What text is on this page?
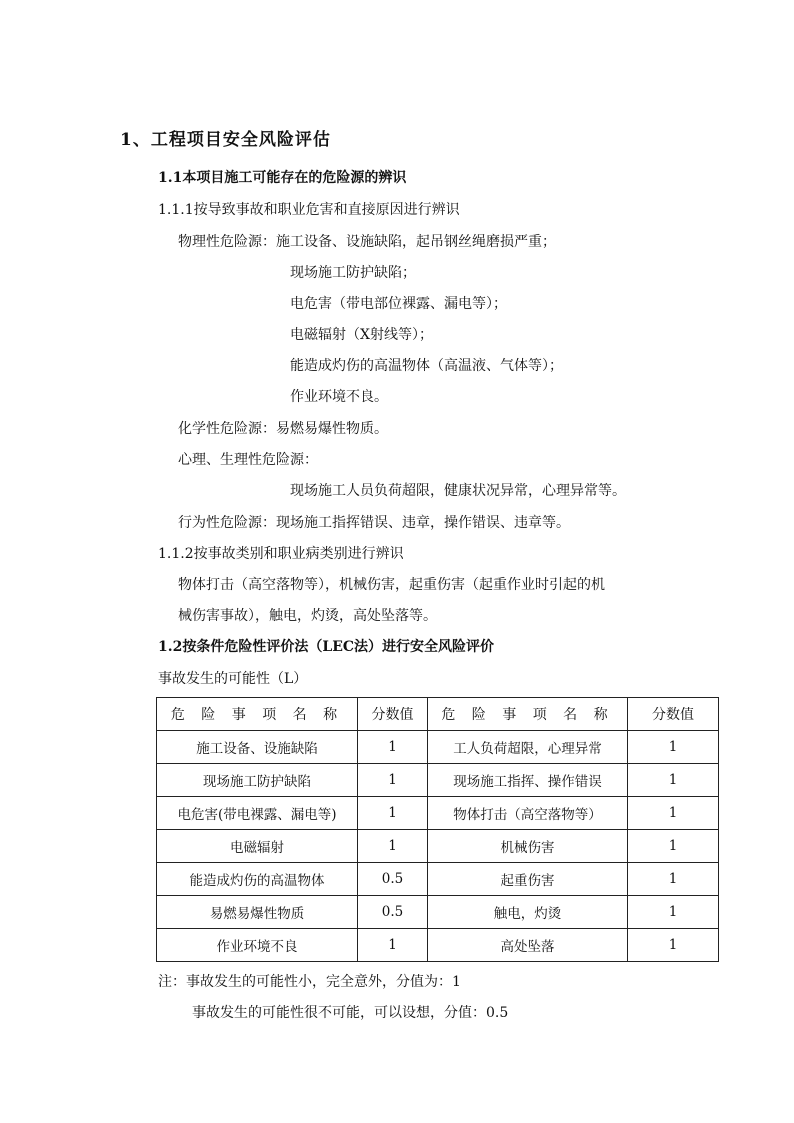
1、工程项目安全风险评估
1.1本项目施工可能存在的危险源的辨识
1.1.1按导致事故和职业危害和直接原因进行辨识
物理性危险源：施工设备、设施缺陷，起吊钢丝绳磨损严重；
现场施工防护缺陷；
电危害（带电部位裸露、漏电等）；
电磁辐射（X射线等）；
能造成灼伤的高温物体（高温液、气体等）；
作业环境不良。
化学性危险源：易燃易爆性物质。
心理、生理性危险源：
现场施工人员负荷超限，健康状况异常，心理异常等。
行为性危险源：现场施工指挥错误、违章，操作错误、违章等。
1.1.2按事故类别和职业病类别进行辨识
物体打击（高空落物等），机械伤害，起重伤害（起重作业时引起的机
械伤害事故），触电，灼烫，高处坠落等。
1.2按条件危险性评价法（LEC法）进行安全风险评价
事故发生的可能性（L）
危 险 事 项 名 称	分数值	危 险 事 项 名 称	分数值
施工设备、设施缺陷	1	工人负荷超限，心理异常	1
现场施工防护缺陷	1	现场施工指挥、操作错误	1
电危害(带电裸露、漏电等)	1	物体打击（高空落物等）	1
电磁辐射	1	机械伤害	1
能造成灼伤的高温物体	0.5	起重伤害	1
易燃易爆性物质	0.5	触电，灼烫	1
作业环境不良	1	高处坠落	1
注：事故发生的可能性小，完全意外，分值为：1
事故发生的可能性很不可能，可以设想，分值：0.5
